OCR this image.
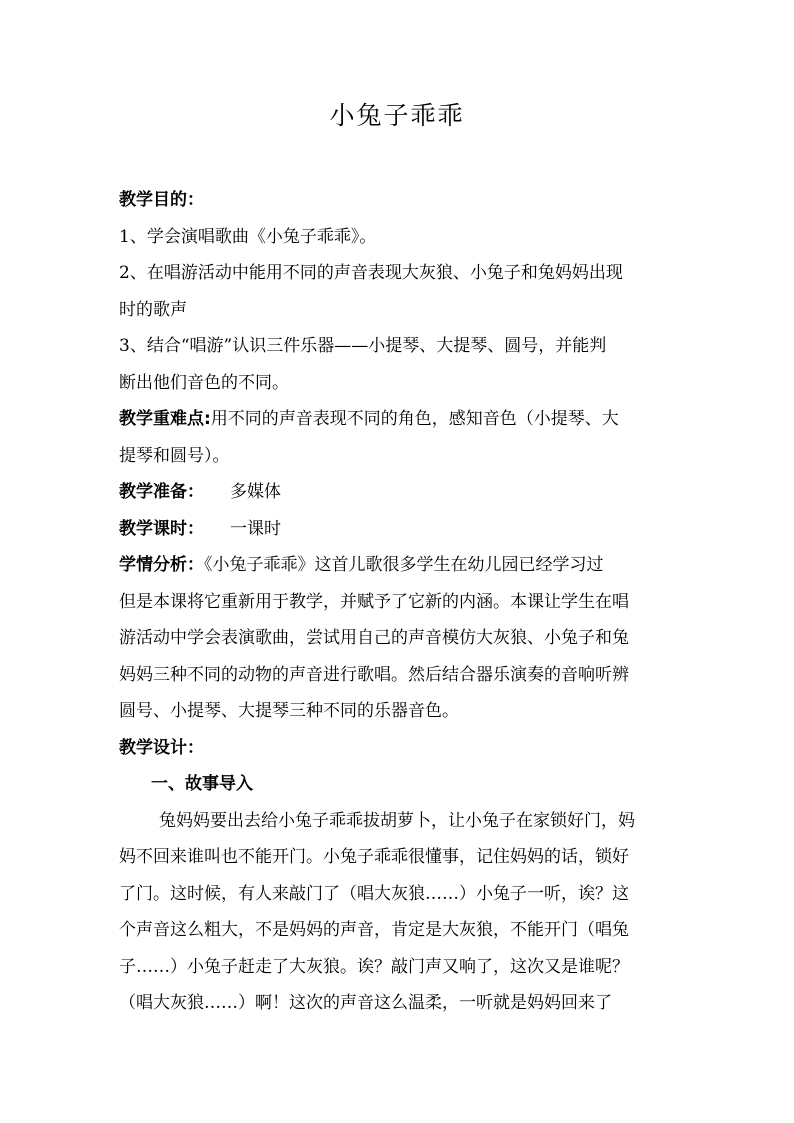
小兔子乖乖

教学目的：

1、学会演唱歌曲《小兔子乖乖》。

2、在唱游活动中能用不同的声音表现大灰狼、小兔子和兔妈妈出现

时的歌声

3、结合“唱游”认识三件乐器——小提琴、大提琴、圆号，并能判

断出他们音色的不同。

教学重难点:用不同的声音表现不同的角色，感知音色（小提琴、大

提琴和圆号）。

教学准备： 多媒体

教学课时： 一课时

学情分析：《小兔子乖乖》这首儿歌很多学生在幼儿园已经学习过

但是本课将它重新用于教学，并赋予了它新的内涵。本课让学生在唱

游活动中学会表演歌曲，尝试用自己的声音模仿大灰狼、小兔子和兔

妈妈三种不同的动物的声音进行歌唱。然后结合器乐演奏的音响听辨

圆号、小提琴、大提琴三种不同的乐器音色。

教学设计：

一、故事导入

兔妈妈要出去给小兔子乖乖拔胡萝卜，让小兔子在家锁好门，妈

妈不回来谁叫也不能开门。小兔子乖乖很懂事，记住妈妈的话，锁好

了门。这时候，有人来敲门了（唱大灰狼……）小兔子一听，诶？这

个声音这么粗大，不是妈妈的声音，肯定是大灰狼，不能开门（唱兔

子……）小兔子赶走了大灰狼。诶？敲门声又响了，这次又是谁呢？

（唱大灰狼……）啊！这次的声音这么温柔，一听就是妈妈回来了
